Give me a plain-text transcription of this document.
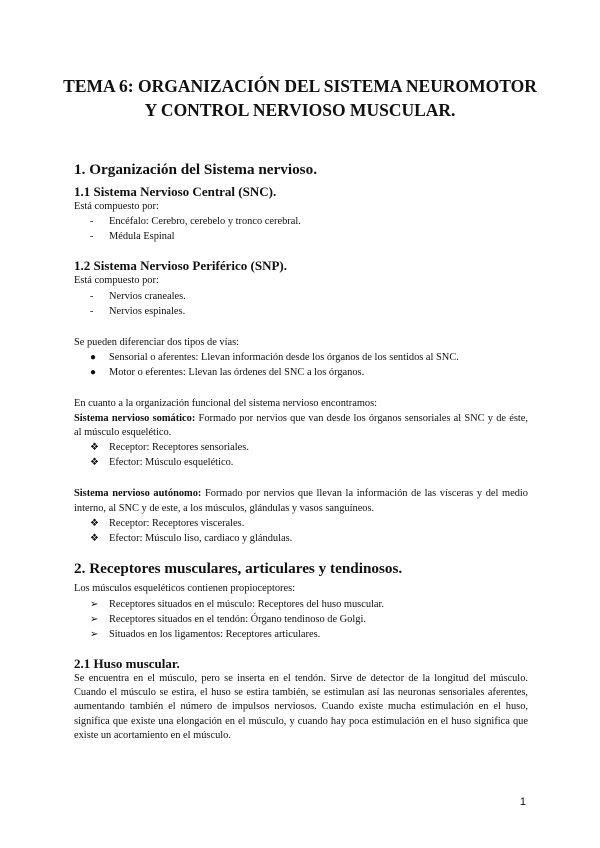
TEMA 6: ORGANIZACIÓN DEL SISTEMA NEUROMOTOR Y CONTROL NERVIOSO MUSCULAR.
1. Organización del Sistema nervioso.
1.1 Sistema Nervioso Central (SNC).

Está compuesto por:

- Encéfalo: Cerebro, cerebelo y tronco cerebral.
- Médula Espinal
1.2 Sistema Nervioso Periférico (SNP).

Está compuesto por:

- Nervios craneales.
- Nervios espinales.

Se pueden diferenciar dos tipos de vías:

● Sensorial o aferentes: Llevan información desde los órganos de los sentidos al SNC.
● Motor o eferentes: Llevan las órdenes del SNC a los órganos.

En cuanto a la organización funcional del sistema nervioso encontramos:

Sistema nervioso somático: Formado por nervios que van desde los órganos sensoriales al SNC y de éste, al músculo esquelético.

❖ Receptor: Receptores sensoriales.
❖ Efector: Músculo esquelético.

Sistema nervioso autónomo: Formado por nervios que llevan la información de las vísceras y del medio interno, al SNC y de este, a los músculos, glándulas y vasos sanguíneos.

❖ Receptor: Receptores viscerales.
❖ Efector: Músculo liso, cardiaco y glándulas.
2. Receptores musculares, articulares y tendinosos.

Los músculos esqueléticos contienen propioceptores:

➢ Receptores situados en el músculo: Receptores del huso muscular.
➢ Receptores situados en el tendón: Órgano tendinoso de Golgi.
➢ Situados en los ligamentos: Receptores articulares.
2.1 Huso muscular.

Se encuentra en el músculo, pero se inserta en el tendón. Sirve de detector de la longitud del músculo. Cuando el músculo se estira, el huso se estira también, se estimulan así las neuronas sensoriales aferentes, aumentando también el número de impulsos nerviosos. Cuando existe mucha estimulación en el huso, significa que existe una elongación en el músculo, y cuando hay poca estimulación en el huso significa que existe un acortamiento en el músculo.

1
